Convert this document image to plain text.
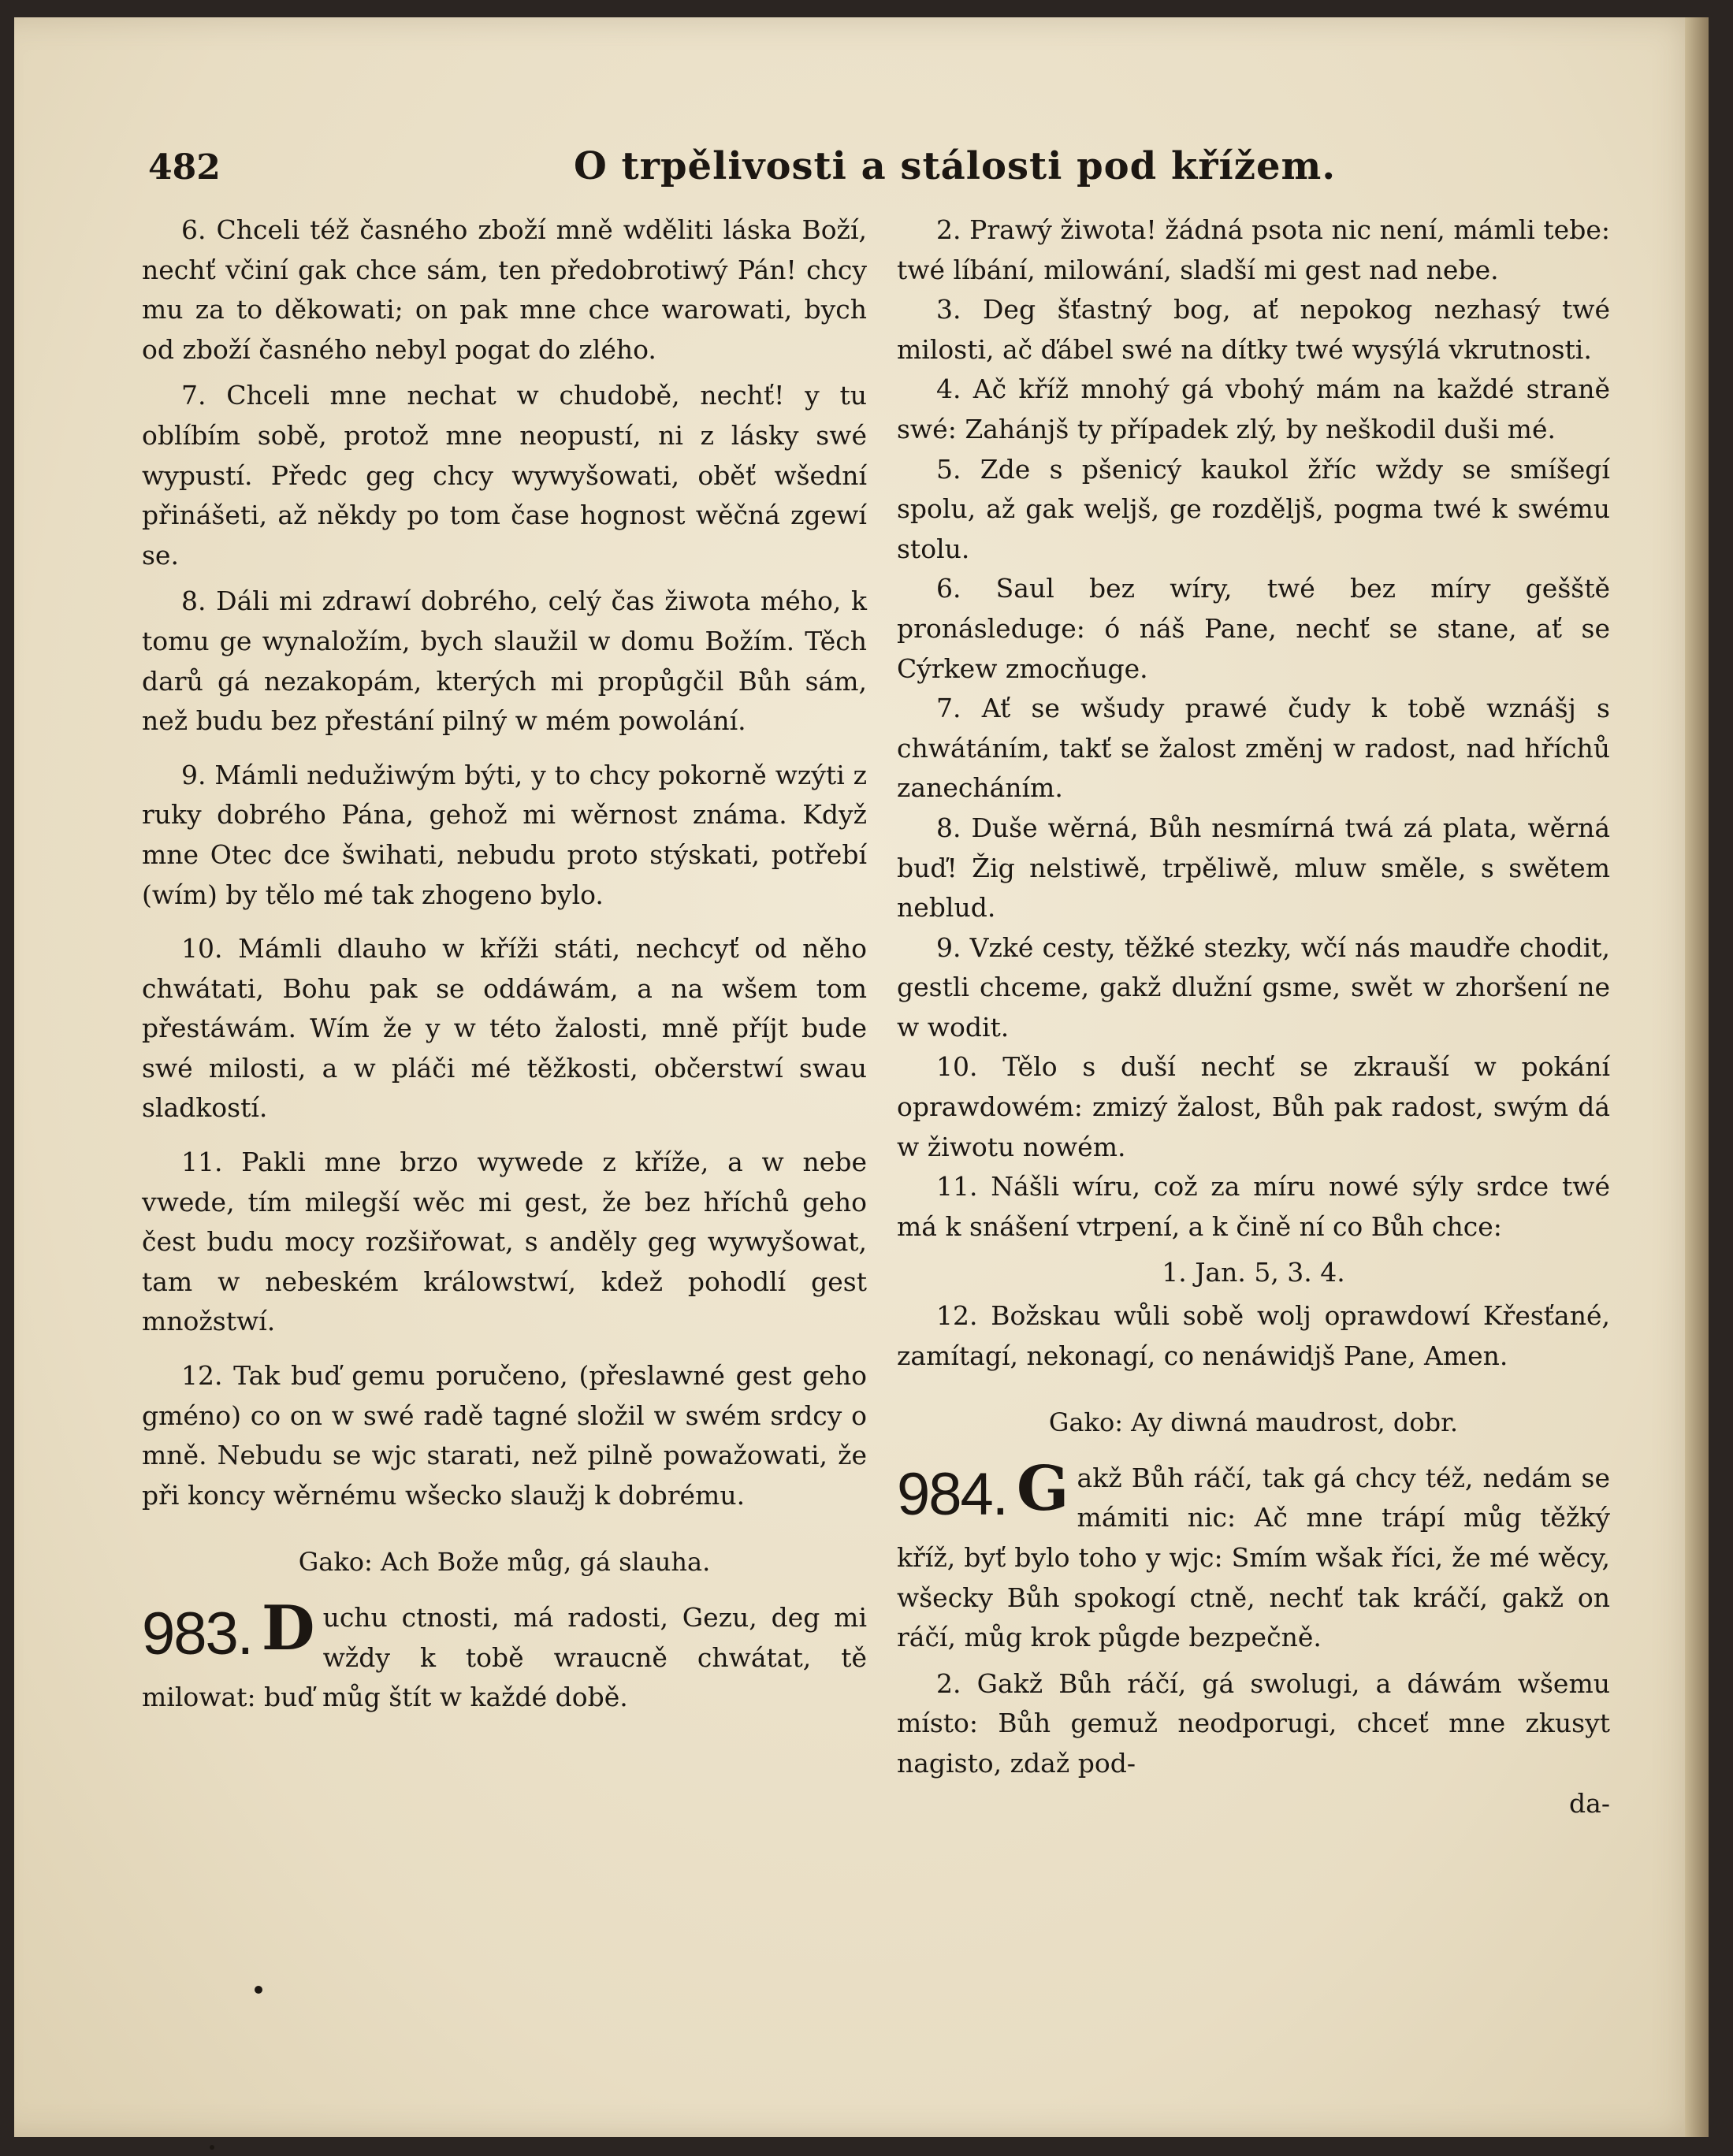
482	O trpělivosti a stálosti pod křížem.

6. Chceli též časného zboží mně wděliti láska Boží, nechť včiní gak chce sám, ten předobrotiwý Pán! chcy mu za to děkowati; on pak mne chce warowati, bych od zboží časného nebyl pogat do zlého.

7. Chceli mne nechat w chudobě, nechť! y tu oblíbím sobě, protož mne neopustí, ni z lásky swé wypustí. Předc geg chcy wywyšowati, oběť wšední přinášeti, až někdy po tom čase hognost wěčná zgewí se.

8. Dáli mi zdrawí dobrého, celý čas žiwota mého, k tomu ge wynaložím, bych slaužil w domu Božím. Těch darů gá nezakopám, kterých mi propůgčil Bůh sám, než budu bez přestání pilný w mém powolání.

9. Mámli nedužiwým býti, y to chcy pokorně wzýti z ruky dobrého Pána, gehož mi wěrnost známa. Když mne Otec dce šwihati, nebudu proto stýskati, potřebí (wím) by tělo mé tak zhogeno bylo.

10. Mámli dlauho w kříži státi, nechcyť od něho chwátati, Bohu pak se oddáwám, a na wšem tom přestáwám. Wím že y w této žalosti, mně příjt bude swé milosti, a w pláči mé těžkosti, občerstwí swau sladkostí.

11. Pakli mne brzo wywede z kříže, a w nebe vwede, tím milegší wěc mi gest, že bez hříchů geho čest budu mocy rozšiřowat, s anděly geg wywyšowat, tam w nebeském králowstwí, kdež pohodlí gest množstwí.

12. Tak buď gemu poručeno, (přeslawné gest geho gméno) co on w swé radě tagné složil w swém srdcy o mně. Nebudu se wjc starati, než pilně powažowati, že při koncy wěrnému wšecko slaužj k dobrému.

Gako: Ach Bože můg, gá slauha.

983. D uchu ctnosti, má radosti, Gezu, deg mi wždy k tobě wraucně chwátat, tě milowat: buď můg štít w každé době.

2. Prawý žiwota! žádná psota nic není, mámli tebe: twé líbání, milowání, sladší mi gest nad nebe.

3. Deg šťastný bog, ať nepokog nezhasý twé milosti, ač ďábel swé na dítky twé wysýlá vkrutnosti.

4. Ač kříž mnohý gá vbohý mám na každé straně swé: Zahánjš ty případek zlý, by neškodil duši mé.

5. Zde s pšenicý kaukol žříc wždy se smíšegí spolu, až gak weljš, ge rozděljš, pogma twé k swému stolu.

6. Saul bez wíry, twé bez míry gešště pronásleduge: ó náš Pane, nechť se stane, ať se Cýrkew zmocňuge.

7. Ať se wšudy prawé čudy k tobě wznášj s chwátáním, takť se žalost změnj w radost, nad hříchů zanecháním.

8. Duše wěrná, Bůh nesmírná twá zá plata, wěrná buď! Žig nelstiwě, trpěliwě, mluw směle, s swětem neblud.

9. Vzké cesty, těžké stezky, wčí nás maudře chodit, gestli chceme, gakž dlužní gsme, swět w zhoršení ne w wodit.

10. Tělo s duší nechť se zkrauší w pokání oprawdowém: zmizý žalost, Bůh pak radost, swým dá w žiwotu nowém.

11. Nášli wíru, což za míru nowé sýly srdce twé má k snášení vtrpení, a k čině ní co Bůh chce:

1. Jan. 5, 3. 4.

12. Božskau wůli sobě wolj oprawdowí Křesťané, zamítagí, nekonagí, co nenáwidjš Pane, Amen.

Gako: Ay diwná maudrost, dobr.

984. G akž Bůh ráčí, tak gá chcy též, nedám se mámiti nic: Ač mne trápí můg těžký kříž, byť bylo toho y wjc: Smím wšak říci, že mé wěcy, wšecky Bůh spokogí ctně, nechť tak kráčí, gakž on ráčí, můg krok půgde bezpečně.

2. Gakž Bůh ráčí, gá swolugi, a dáwám wšemu místo: Bůh gemuž neodporugi, chceť mne zkusyt nagisto, zdaž pod-

da-
